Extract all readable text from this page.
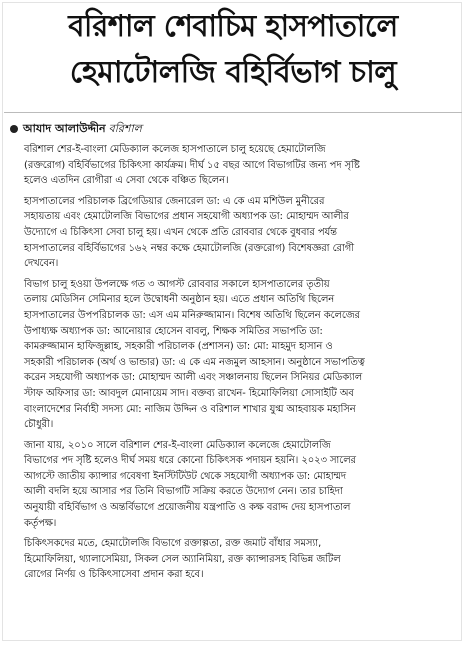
বরিশাল শেবাচিম হাসপাতালে
হেমাটোলজি বহির্বিভাগ চালু
আযাদ আলাউদ্দীন বরিশাল

বরিশাল শের-ই-বাংলা মেডিক্যাল কলেজ হাসপাতালে চালু হয়েছে হেমাটোলজি
(রক্তরোগ) বহির্বিভাগের চিকিৎসা কার্যক্রম। দীর্ঘ ১৫ বছর আগে বিভাগটির জন্য পদ সৃষ্টি
হলেও এতদিন রোগীরা এ সেবা থেকে বঞ্চিত ছিলেন।

হাসপাতালের পরিচালক ব্রিগেডিয়ার জেনারেল ডা: এ কে এম মশিউল মুনীরের
সহায়তায় এবং হেমাটোলজি বিভাগের প্রধান সহযোগী অধ্যাপক ডা: মোহাম্মদ আলীর
উদ্যোগে এ চিকিৎসা সেবা চালু হয়। এখন থেকে প্রতি রোববার থেকে বুধবার পর্যন্ত
হাসপাতালের বহির্বিভাগের ১৬২ নম্বর কক্ষে হেমাটোলজি (রক্তরোগ) বিশেষজ্ঞরা রোগী
দেখবেন।

বিভাগ চালু হওয়া উপলক্ষে গত ৩ আগস্ট রোববার সকালে হাসপাতালের তৃতীয়
তলায় মেডিসিন সেমিনার হলে উদ্বোধনী অনুষ্ঠান হয়। এতে প্রধান অতিথি ছিলেন
হাসপাতালের উপপরিচালক ডা: এস এম মনিরুজ্জামান। বিশেষ অতিথি ছিলেন কলেজের
উপাধ্যক্ষ অধ্যাপক ডা: আনোয়ার হোসেন বাবলু, শিক্ষক সমিতির সভাপতি ডা:
কামরুজ্জামান হাফিজুল্লাহ, সহকারী পরিচালক (প্রশাসন) ডা: মো: মাহমুদ হাসান ও
সহকারী পরিচালক (অর্থ ও ভান্ডার) ডা: এ কে এম নজমুল আহসান। অনুষ্ঠানে সভাপতিত্ব
করেন সহযোগী অধ্যাপক ডা: মোহাম্মদ আলী এবং সঞ্চালনায় ছিলেন সিনিয়র মেডিক্যাল
স্টাফ অফিসার ডা: আবদুল মোনায়েম সাদ। বক্তব্য রাখেন- হিমোফিলিয়া সোসাইটি অব
বাংলাদেশের নির্বাহী সদস্য মো: নাজিম উদ্দিন ও বরিশাল শাখার যুগ্ম আহবায়ক মহাসিন
চৌধুরী।

জানা যায়, ২০১০ সালে বরিশাল শের-ই-বাংলা মেডিক্যাল কলেজে হেমাটোলজি
বিভাগের পদ সৃষ্টি হলেও দীর্ঘ সময় ধরে কোনো চিকিৎসক পদায়ন হয়নি। ২০২৩ সালের
আগস্টে জাতীয় ক্যান্সার গবেষণা ইনস্টিটিউট থেকে সহযোগী অধ্যাপক ডা: মোহাম্মদ
আলী বদলি হয়ে আসার পর তিনি বিভাগটি সক্রিয় করতে উদ্যোগ নেন। তার চাহিদা
অনুযায়ী বহির্বিভাগ ও অন্তর্বিভাগে প্রয়োজনীয় যন্ত্রপাতি ও কক্ষ বরাদ্দ দেয় হাসপাতাল
কর্তৃপক্ষ।

চিকিৎসকদের মতে, হেমাটোলজি বিভাগে রক্তাল্পতা, রক্ত জমাট বাঁধার সমস্যা,
হিমোফিলিয়া, থ্যালাসেমিয়া, সিকল সেল অ্যানিমিয়া, রক্ত ক্যান্সারসহ বিভিন্ন জটিল
রোগের নির্ণয় ও চিকিৎসাসেবা প্রদান করা হবে।
